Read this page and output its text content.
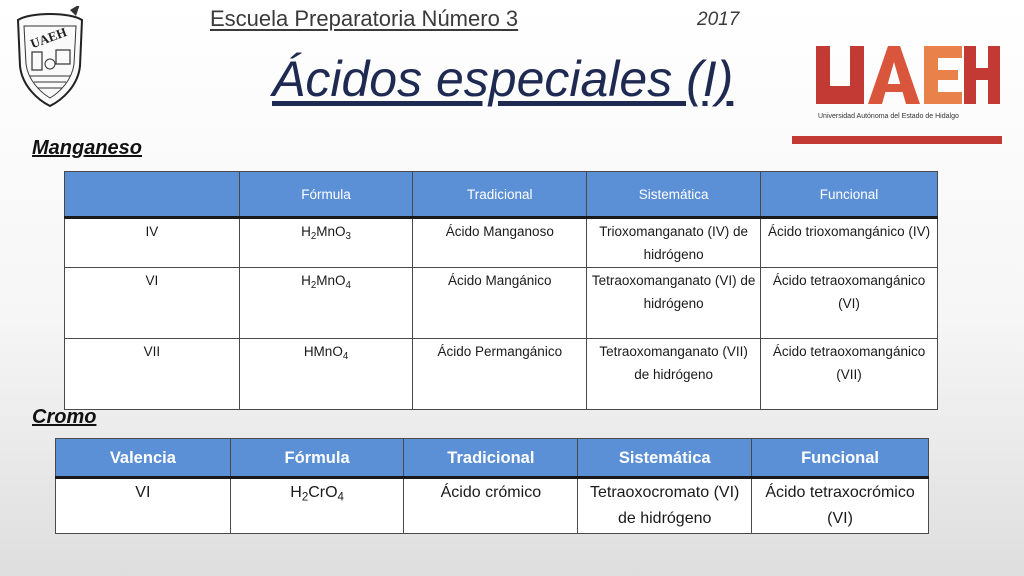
UAEH
Escuela Preparatoria Número 3	2017
Ácidos especiales (I)
Universidad Autónoma del Estado de Hidalgo
Manganeso
	Fórmula	Tradicional	Sistemática	Funcional
IV	$H_2MnO_3$	Ácido Manganoso	Trioxomanganato (IV) de hidrógeno	Ácido trioxomangánico (IV)
VI	$H_2MnO_4$	Ácido Mangánico	Tetraoxomanganato (VI) de hidrógeno	Ácido tetraoxomangánico (VI)
VII	HMnO$_4$	Ácido Permangánico	Tetraoxomanganato (VII) de hidrógeno	Ácido tetraoxomangánico (VII)
Cromo
Valencia	Fórmula	Tradicional	Sistemática	Funcional
VI	$H_2CrO_4$	Ácido crómico	Tetraoxocromato (VI) de hidrógeno	Ácido tetraxocrómico (VI)
